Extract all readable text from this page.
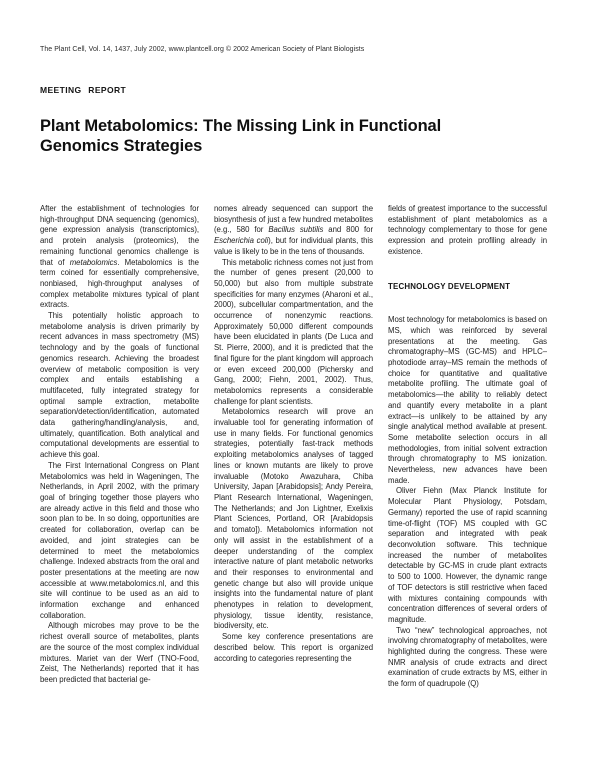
The Plant Cell, Vol. 14, 1437, July 2002, www.plantcell.org © 2002 American Society of Plant Biologists
MEETING REPORT
Plant Metabolomics: The Missing Link in Functional Genomics Strategies

After the establishment of technologies for high-throughput DNA sequencing (genomics), gene expression analysis (transcriptomics), and protein analysis (proteomics), the remaining functional genomics challenge is that of metabolomics. Metabolomics is the term coined for essentially comprehensive, nonbiased, high-throughput analyses of complex metabolite mixtures typical of plant extracts.

This potentially holistic approach to metabolome analysis is driven primarily by recent advances in mass spectrometry (MS) technology and by the goals of functional genomics research. Achieving the broadest overview of metabolic composition is very complex and entails establishing a multifaceted, fully integrated strategy for optimal sample extraction, metabolite separation/detection/identification, automated data gathering/handling/analysis, and, ultimately, quantification. Both analytical and computational developments are essential to achieve this goal.

The First International Congress on Plant Metabolomics was held in Wageningen, The Netherlands, in April 2002, with the primary goal of bringing together those players who are already active in this field and those who soon plan to be. In so doing, opportunities are created for collaboration, overlap can be avoided, and joint strategies can be determined to meet the metabolomics challenge. Indexed abstracts from the oral and poster presentations at the meeting are now accessible at www.metabolomics.nl, and this site will continue to be used as an aid to information exchange and enhanced collaboration.

Although microbes may prove to be the richest overall source of metabolites, plants are the source of the most complex individual mixtures. Mariet van der Werf (TNO-Food, Zeist, The Netherlands) reported that it has been predicted that bacterial ge-

nomes already sequenced can support the biosynthesis of just a few hundred metabolites (e.g., 580 for Bacillus subtilis and 800 for Escherichia coli), but for individual plants, this value is likely to be in the tens of thousands.

This metabolic richness comes not just from the number of genes present (20,000 to 50,000) but also from multiple substrate specificities for many enzymes (Aharoni et al., 2000), subcellular compartmentation, and the occurrence of nonenzymic reactions. Approximately 50,000 different compounds have been elucidated in plants (De Luca and St. Pierre, 2000), and it is predicted that the final figure for the plant kingdom will approach or even exceed 200,000 (Pichersky and Gang, 2000; Fiehn, 2001, 2002). Thus, metabolomics represents a considerable challenge for plant scientists.

Metabolomics research will prove an invaluable tool for generating information of use in many fields. For functional genomics strategies, potentially fast-track methods exploiting metabolomics analyses of tagged lines or known mutants are likely to prove invaluable (Motoko Awazuhara, Chiba University, Japan [Arabidopsis]; Andy Pereira, Plant Research International, Wageningen, The Netherlands; and Jon Lightner, Exelixis Plant Sciences, Portland, OR [Arabidopsis and tomato]). Metabolomics information not only will assist in the establishment of a deeper understanding of the complex interactive nature of plant metabolic networks and their responses to environmental and genetic change but also will provide unique insights into the fundamental nature of plant phenotypes in relation to development, physiology, tissue identity, resistance, biodiversity, etc.

Some key conference presentations are described below. This report is organized according to categories representing the

fields of greatest importance to the successful establishment of plant metabolomics as a technology complementary to those for gene expression and protein profiling already in existence.

TECHNOLOGY DEVELOPMENT

Most technology for metabolomics is based on MS, which was reinforced by several presentations at the meeting. Gas chromatography–MS (GC-MS) and HPLC–photodiode array–MS remain the methods of choice for quantitative and qualitative metabolite profiling. The ultimate goal of metabolomics—the ability to reliably detect and quantify every metabolite in a plant extract—is unlikely to be attained by any single analytical method available at present. Some metabolite selection occurs in all methodologies, from initial solvent extraction through chromatography to MS ionization. Nevertheless, new advances have been made.

Oliver Fiehn (Max Planck Institute for Molecular Plant Physiology, Potsdam, Germany) reported the use of rapid scanning time-of-flight (TOF) MS coupled with GC separation and integrated with peak deconvolution software. This technique increased the number of metabolites detectable by GC-MS in crude plant extracts to 500 to 1000. However, the dynamic range of TOF detectors is still restrictive when faced with mixtures containing compounds with concentration differences of several orders of magnitude.

Two “new” technological approaches, not involving chromatography of metabolites, were highlighted during the congress. These were NMR analysis of crude extracts and direct examination of crude extracts by MS, either in the form of quadrupole (Q)
